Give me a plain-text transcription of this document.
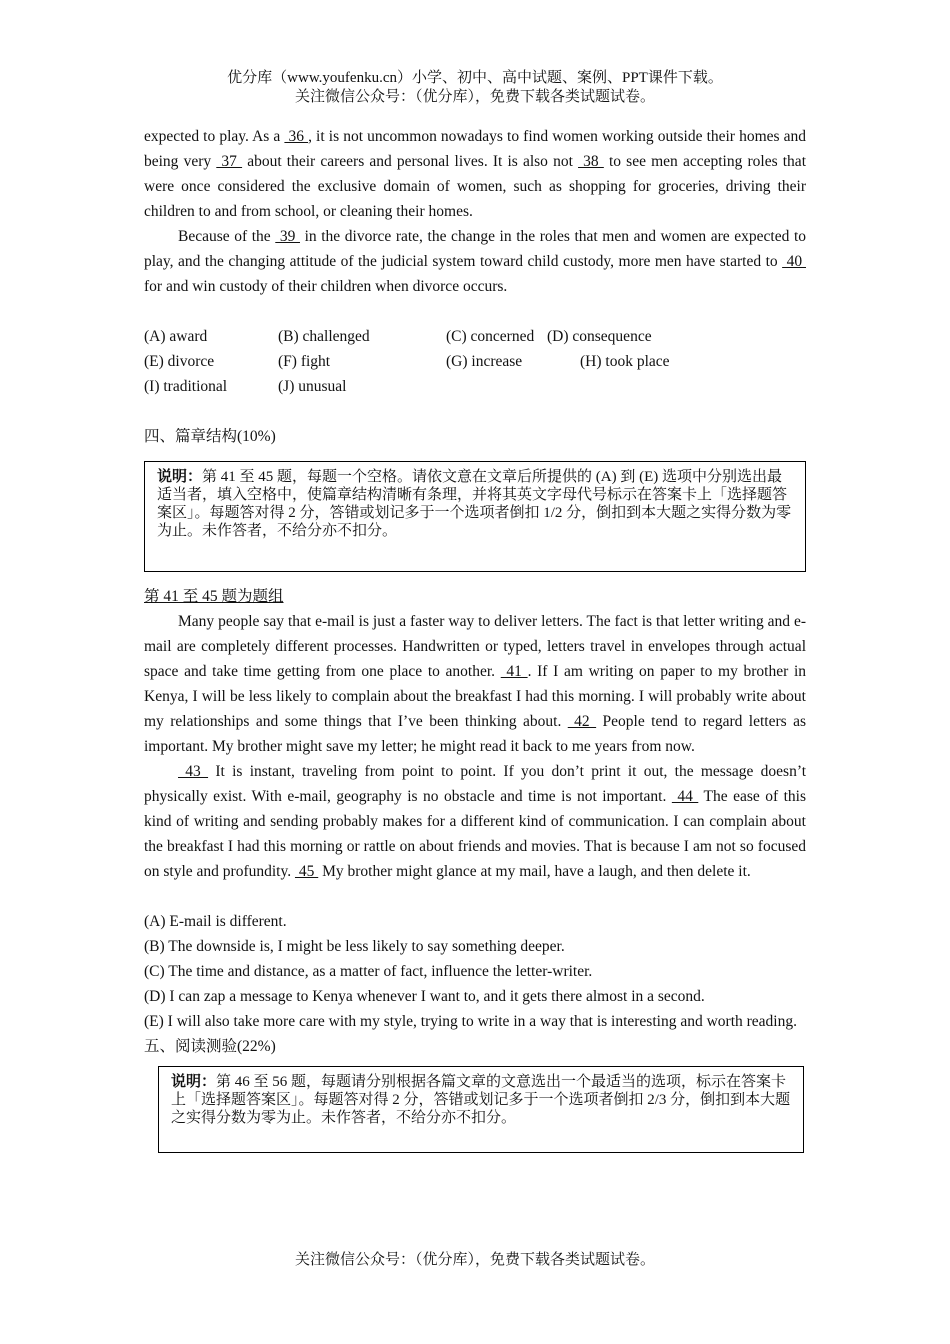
优分库（www.youfenku.cn）小学、初中、高中试题、案例、PPT课件下载。
关注微信公众号：（优分库），免费下载各类试题试卷。

expected to play. As a  36 , it is not uncommon nowadays to find women working outside their homes and being very  37  about their careers and personal lives. It is also not  38  to see men accepting roles that were once considered the exclusive domain of women, such as shopping for groceries, driving their children to and from school, or cleaning their homes.

Because of the  39  in the divorce rate, the change in the roles that men and women are expected to play, and the changing attitude of the judicial system toward child custody, more men have started to  40  for and win custody of their children when divorce occurs.

(A) award	(B) challenged	(C) concerned (D) consequence
(E) divorce	(F) fight	(G) increase	(H) took place
(I) traditional	(J) unusual
四、篇章结构(10%)
说明：第 41 至 45 题，每题一个空格。请依文意在文章后所提供的 (A) 到 (E) 选项中分别选出最适当者，填入空格中，使篇章结构清晰有条理，并将其英文字母代号标示在答案卡上「选择题答案区」。每题答对得 2 分，答错或划记多于一个选项者倒扣 1/2 分，倒扣到本大题之实得分数为零为止。未作答者，不给分亦不扣分。
第 41 至 45 题为题组

Many people say that e-mail is just a faster way to deliver letters. The fact is that letter writing and e-mail are completely different processes. Handwritten or typed, letters travel in envelopes through actual space and take time getting from one place to another.  41 . If I am writing on paper to my brother in Kenya, I will be less likely to complain about the breakfast I had this morning. I will probably write about my relationships and some things that I’ve been thinking about.  42  People tend to regard letters as important. My brother might save my letter; he might read it back to me years from now.

43  It is instant, traveling from point to point. If you don’t print it out, the message doesn’t physically exist. With e-mail, geography is no obstacle and time is not important.  44  The ease of this kind of writing and sending probably makes for a different kind of communication. I can complain about the breakfast I had this morning or rattle on about friends and movies. That is because I am not so focused on style and profundity.  45  My brother might glance at my mail, have a laugh, and then delete it.

(A) E-mail is different.

(B) The downside is, I might be less likely to say something deeper.

(C) The time and distance, as a matter of fact, influence the letter-writer.

(D) I can zap a message to Kenya whenever I want to, and it gets there almost in a second.

(E) I will also take more care with my style, trying to write in a way that is interesting and worth reading.

五、阅读测验(22%)
说明：第 46 至 56 题，每题请分别根据各篇文章的文意选出一个最适当的选项，标示在答案卡上「选择题答案区」。每题答对得 2 分，答错或划记多于一个选项者倒扣 2/3 分，倒扣到本大题之实得分数为零为止。未作答者，不给分亦不扣分。
关注微信公众号：（优分库），免费下载各类试题试卷。
